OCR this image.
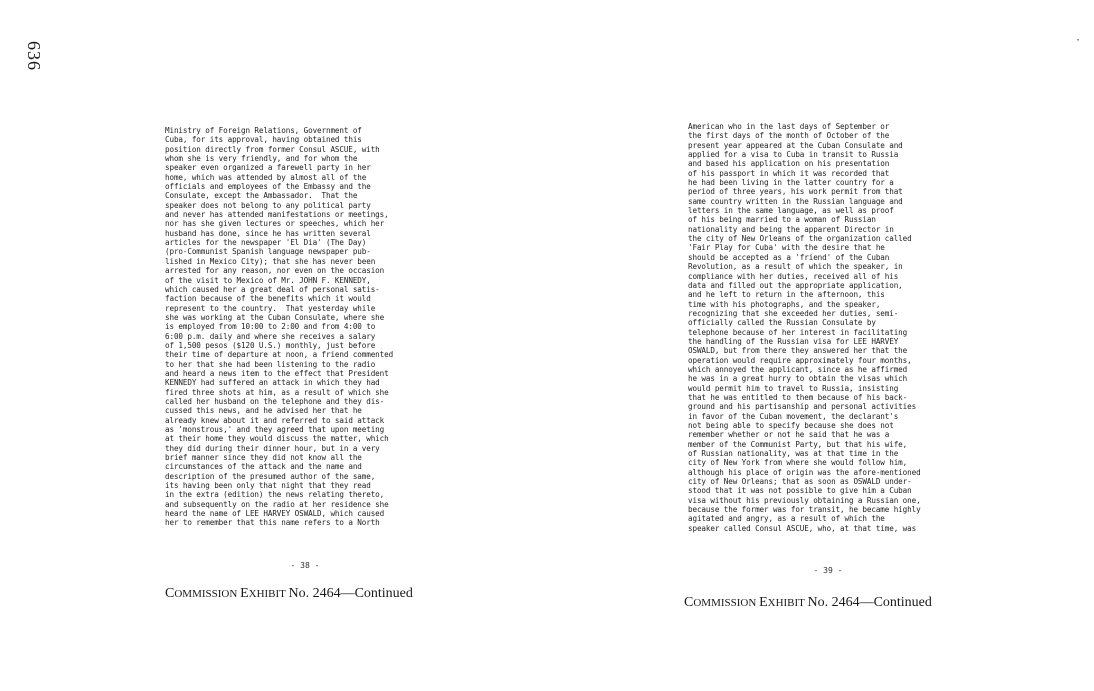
636
·
Ministry of Foreign Relations, Government of
Cuba, for its approval, having obtained this
position directly from former Consul ASCUE, with
whom she is very friendly, and for whom the
speaker even organized a farewell party in her
home, which was attended by almost all of the
officials and employees of the Embassy and the
Consulate, except the Ambassador.  That the
speaker does not belong to any political party
and never has attended manifestations or meetings,
nor has she given lectures or speeches, which her
husband has done, since he has written several
articles for the newspaper 'El Dia' (The Day)
(pro-Communist Spanish language newspaper pub-
lished in Mexico City); that she has never been
arrested for any reason, nor even on the occasion
of the visit to Mexico of Mr. JOHN F. KENNEDY,
which caused her a great deal of personal satis-
faction because of the benefits which it would
represent to the country.  That yesterday while
she was working at the Cuban Consulate, where she
is employed from 10:00 to 2:00 and from 4:00 to
6:00 p.m. daily and where she receives a salary
of 1,500 pesos ($120 U.S.) monthly, just before
their time of departure at noon, a friend commented
to her that she had been listening to the radio
and heard a news item to the effect that President
KENNEDY had suffered an attack in which they had
fired three shots at him, as a result of which she
called her husband on the telephone and they dis-
cussed this news, and he advised her that he
already knew about it and referred to said attack
as 'monstrous,' and they agreed that upon meeting
at their home they would discuss the matter, which
they did during their dinner hour, but in a very
brief manner since they did not know all the
circumstances of the attack and the name and
description of the presumed author of the same,
its having been only that night that they read
in the extra (edition) the news relating thereto,
and subsequently on the radio at her residence she
heard the name of LEE HARVEY OSWALD, which caused
her to remember that this name refers to a North
- 38 -
COMMISSION EXHIBIT No. 2464—Continued
American who in the last days of September or
the first days of the month of October of the
present year appeared at the Cuban Consulate and
applied for a visa to Cuba in transit to Russia
and based his application on his presentation
of his passport in which it was recorded that
he had been living in the latter country for a
period of three years, his work permit from that
same country written in the Russian language and
letters in the same language, as well as proof
of his being married to a woman of Russian
nationality and being the apparent Director in
the city of New Orleans of the organization called
'Fair Play for Cuba' with the desire that he
should be accepted as a 'friend' of the Cuban
Revolution, as a result of which the speaker, in
compliance with her duties, received all of his
data and filled out the appropriate application,
and he left to return in the afternoon, this
time with his photographs, and the speaker,
recognizing that she exceeded her duties, semi-
officially called the Russian Consulate by
telephone because of her interest in facilitating
the handling of the Russian visa for LEE HARVEY
OSWALD, but from there they answered her that the
operation would require approximately four months,
which annoyed the applicant, since as he affirmed
he was in a great hurry to obtain the visas which
would permit him to travel to Russia, insisting
that he was entitled to them because of his back-
ground and his partisanship and personal activities
in favor of the Cuban movement, the declarant's
not being able to specify because she does not
remember whether or not he said that he was a
member of the Communist Party, but that his wife,
of Russian nationality, was at that time in the
city of New York from where she would follow him,
although his place of origin was the afore-mentioned
city of New Orleans; that as soon as OSWALD under-
stood that it was not possible to give him a Cuban
visa without his previously obtaining a Russian one,
because the former was for transit, he became highly
agitated and angry, as a result of which the
speaker called Consul ASCUE, who, at that time, was
- 39 -
COMMISSION EXHIBIT No. 2464—Continued
